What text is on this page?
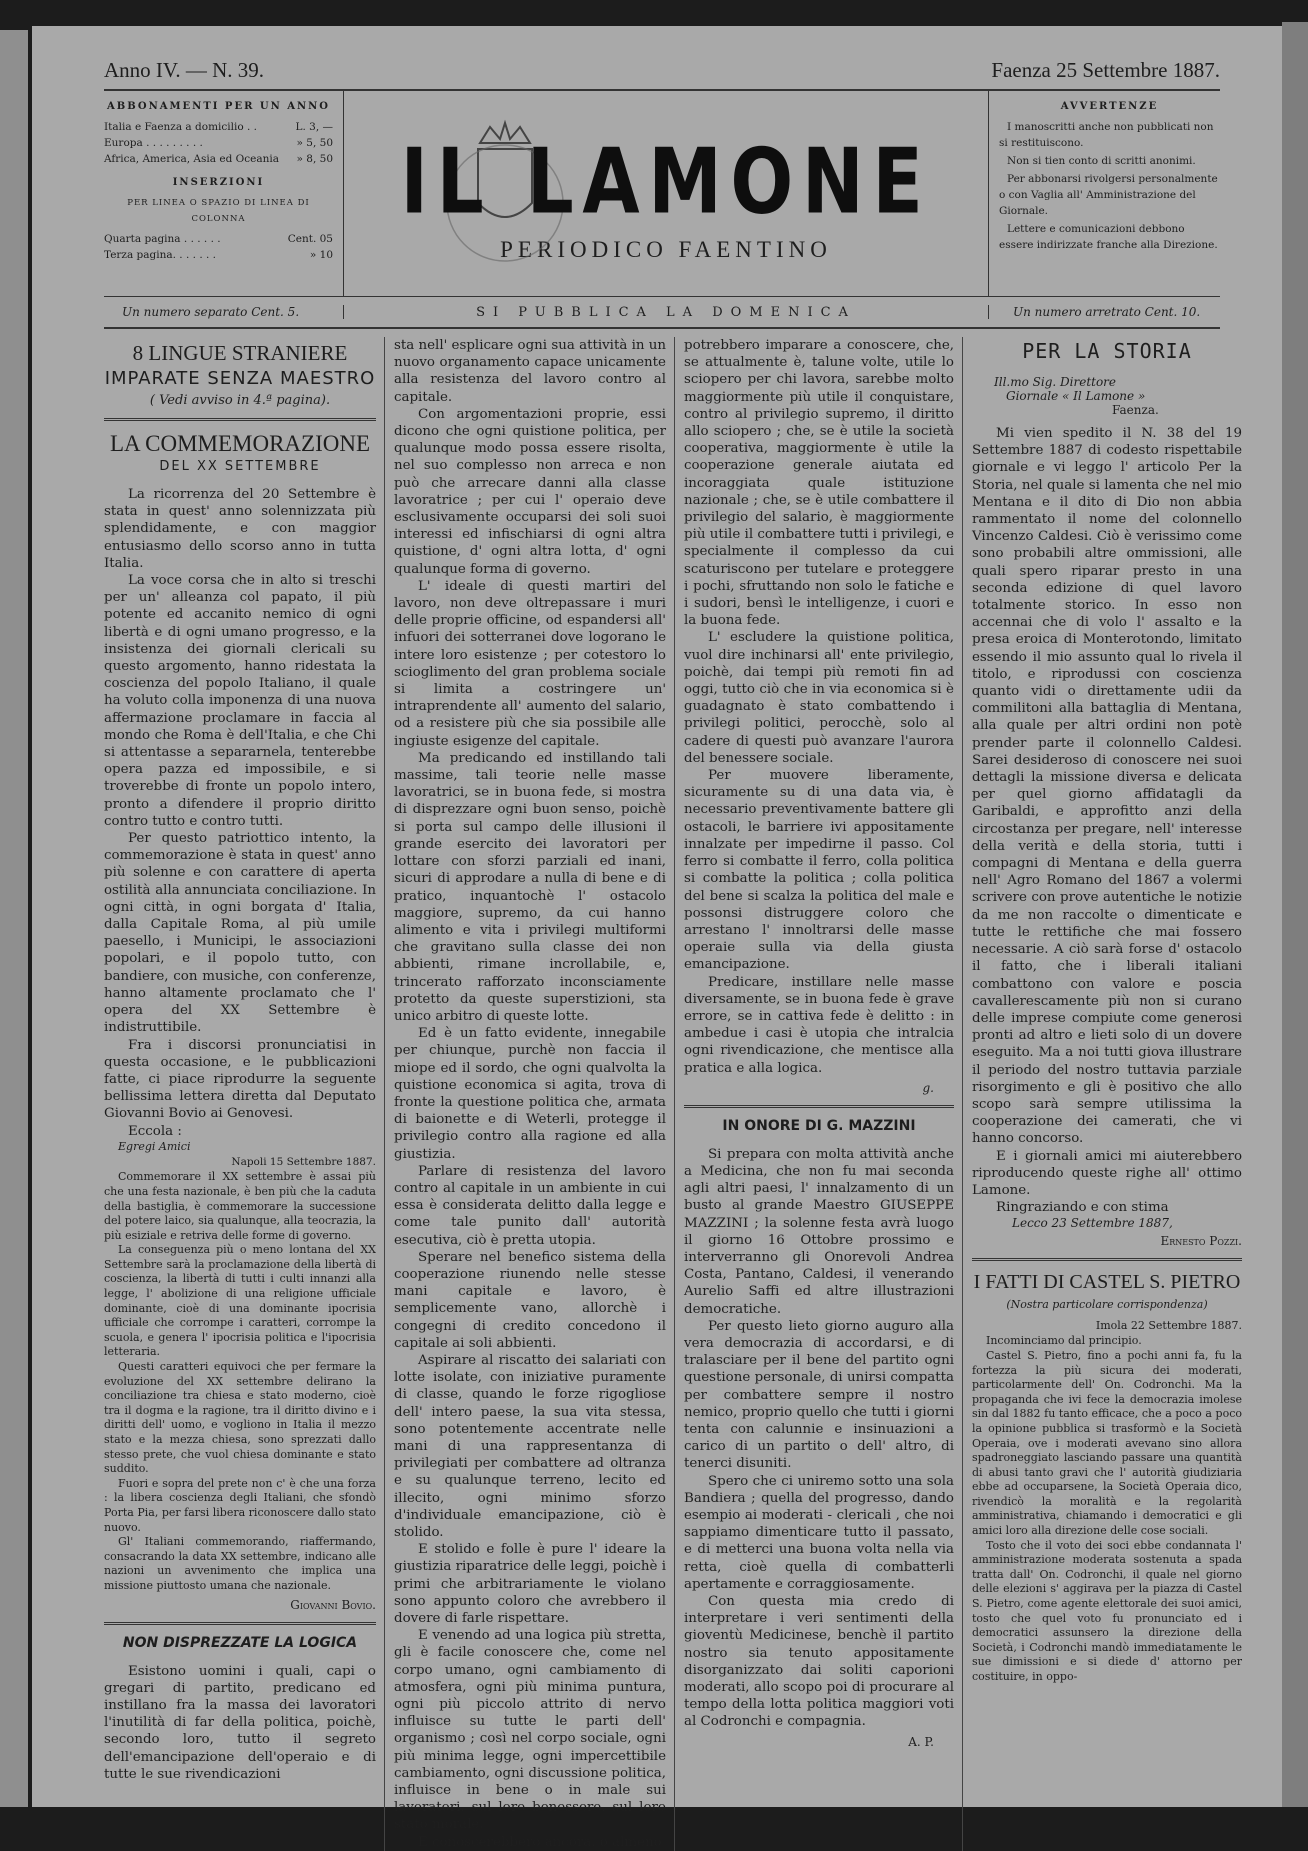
Anno IV. — N. 39.	Faenza 25 Settembre 1887.
ABBONAMENTI PER UN ANNO
Italia e Faenza a domicilio . .	L. 3, —
Europa . . . . . . . . .	» 5, 50
Africa, America, Asia ed Oceania » 8, 50
INSERZIONI
PER LINEA O SPAZIO DI LINEA DI COLONNA
Quarta pagina . . . . . .	Cent. 05
Terza pagina. . . . . . .	» 10
IL LAMONE
PERIODICO FAENTINO
AVVERTENZE

I manoscritti anche non pubblicati non si restituiscono.

Non si tien conto di scritti anonimi.

Per abbonarsi rivolgersi personalmente o con Vaglia all' Amministrazione del Giornale.

Lettere e comunicazioni debbono essere indirizzate franche alla Direzione.

Un numero separato Cent. 5.	SI PUBBLICA LA DOMENICA	Un numero arretrato Cent. 10.
8 LINGUE STRANIERE
IMPARATE SENZA MAESTRO
( Vedi avviso in 4.ª pagina).
LA COMMEMORAZIONE
DEL XX SETTEMBRE

La ricorrenza del 20 Settembre è stata in quest' anno solennizzata più splendidamente, e con maggior entusiasmo dello scorso anno in tutta Italia.

La voce corsa che in alto si treschi per un' alleanza col papato, il più potente ed accanito nemico di ogni libertà e di ogni umano progresso, e la insistenza dei giornali clericali su questo argomento, hanno ridestata la coscienza del popolo Italiano, il quale ha voluto colla imponenza di una nuova affermazione proclamare in faccia al mondo che Roma è dell'Italia, e che Chi si attentasse a separarnela, tenterebbe opera pazza ed impossibile, e si troverebbe di fronte un popolo intero, pronto a difendere il proprio diritto contro tutto e contro tutti.

Per questo patriottico intento, la commemorazione è stata in quest' anno più solenne e con carattere di aperta ostilità alla annunciata conciliazione. In ogni città, in ogni borgata d' Italia, dalla Capitale Roma, al più umile paesello, i Municipi, le associazioni popolari, e il popolo tutto, con bandiere, con musiche, con conferenze, hanno altamente proclamato che l' opera del XX Settembre è indistruttibile.

Fra i discorsi pronunciatisi in questa occasione, e le pubblicazioni fatte, ci piace riprodurre la seguente bellissima lettera diretta dal Deputato Giovanni Bovio ai Genovesi.

Eccola :

Egregi Amici

Napoli 15 Settembre 1887.

Commemorare il XX settembre è assai più che una festa nazionale, è ben più che la caduta della bastiglia, è commemorare la successione del potere laico, sia qualunque, alla teocrazia, la più esiziale e retriva delle forme di governo.

La conseguenza più o meno lontana del XX Settembre sarà la proclamazione della libertà di coscienza, la libertà di tutti i culti innanzi alla legge, l' abolizione di una religione ufficiale dominante, cioè di una dominante ipocrisia ufficiale che corrompe i caratteri, corrompe la scuola, e genera l' ipocrisia politica e l'ipocrisia letteraria.

Questi caratteri equivoci che per fermare la evoluzione del XX settembre delirano la conciliazione tra chiesa e stato moderno, cioè tra il dogma e la ragione, tra il diritto divino e i diritti dell' uomo, e vogliono in Italia il mezzo stato e la mezza chiesa, sono sprezzati dallo stesso prete, che vuol chiesa dominante e stato suddito.

Fuori e sopra del prete non c' è che una forza : la libera coscienza degli Italiani, che sfondò Porta Pia, per farsi libera riconoscere dallo stato nuovo.

Gl' Italiani commemorando, riaffermando, consacrando la data XX settembre, indicano alle nazioni un avvenimento che implica una missione piuttosto umana che nazionale.

Giovanni Bovio.
NON DISPREZZATE LA LOGICA

Esistono uomini i quali, capi o gregari di partito, predicano ed instillano fra la massa dei lavoratori l'inutilità di far della politica, poichè, secondo loro, tutto il segreto dell'emancipazione dell'operaio e di tutte le sue rivendicazioni

sta nell' esplicare ogni sua attività in un nuovo organamento capace unicamente alla resistenza del lavoro contro al capitale.

Con argomentazioni proprie, essi dicono che ogni quistione politica, per qualunque modo possa essere risolta, nel suo complesso non arreca e non può che arrecare danni alla classe lavoratrice ; per cui l' operaio deve esclusivamente occuparsi dei soli suoi interessi ed infischiarsi di ogni altra quistione, d' ogni altra lotta, d' ogni qualunque forma di governo.

L' ideale di questi martiri del lavoro, non deve oltrepassare i muri delle proprie officine, od espandersi all' infuori dei sotterranei dove logorano le intere loro esistenze ; per cotestoro lo scioglimento del gran problema sociale si limita a costringere un' intraprendente all' aumento del salario, od a resistere più che sia possibile alle ingiuste esigenze del capitale.

Ma predicando ed instillando tali massime, tali teorie nelle masse lavoratrici, se in buona fede, si mostra di disprezzare ogni buon senso, poichè si porta sul campo delle illusioni il grande esercito dei lavoratori per lottare con sforzi parziali ed inani, sicuri di approdare a nulla di bene e di pratico, inquantochè l' ostacolo maggiore, supremo, da cui hanno alimento e vita i privilegi multiformi che gravitano sulla classe dei non abbienti, rimane incrollabile, e, trincerato rafforzato inconsciamente protetto da queste superstizioni, sta unico arbitro di queste lotte.

Ed è un fatto evidente, innegabile per chiunque, purchè non faccia il miope ed il sordo, che ogni qualvolta la quistione economica si agita, trova di fronte la questione politica che, armata di baionette e di Weterli, protegge il privilegio contro alla ragione ed alla giustizia.

Parlare di resistenza del lavoro contro al capitale in un ambiente in cui essa è considerata delitto dalla legge e come tale punito dall' autorità esecutiva, ciò è pretta utopia.

Sperare nel benefico sistema della cooperazione riunendo nelle stesse mani capitale e lavoro, è semplicemente vano, allorchè i congegni di credito concedono il capitale ai soli abbienti.

Aspirare al riscatto dei salariati con lotte isolate, con iniziative puramente di classe, quando le forze rigogliose dell' intero paese, la sua vita stessa, sono potentemente accentrate nelle mani di una rappresentanza di privilegiati per combattere ad oltranza e su qualunque terreno, lecito ed illecito, ogni minimo sforzo d'individuale emancipazione, ciò è stolido.

E stolido e folle è pure l' ideare la giustizia riparatrice delle leggi, poichè i primi che arbitrariamente le violano sono appunto coloro che avrebbero il dovere di farle rispettare.

E venendo ad una logica più stretta, gli è facile conoscere che, come nel corpo umano, ogni cambiamento di atmosfera, ogni più minima puntura, ogni più piccolo attrito di nervo influisce su tutte le parti dell' organismo ; così nel corpo sociale, ogni più minima legge, ogni impercettibile cambiamento, ogni discussione politica, influisce in bene o in male sui lavoratori, sul loro benessere, sul loro stato morale.

E conoscerebbero ancora, o almeno

potrebbero imparare a conoscere, che, se attualmente è, talune volte, utile lo sciopero per chi lavora, sarebbe molto maggiormente più utile il conquistare, contro al privilegio supremo, il diritto allo sciopero ; che, se è utile la società cooperativa, maggiormente è utile la cooperazione generale aiutata ed incoraggiata quale istituzione nazionale ; che, se è utile combattere il privilegio del salario, è maggiormente più utile il combattere tutti i privilegi, e specialmente il complesso da cui scaturiscono per tutelare e proteggere i pochi, sfruttando non solo le fatiche e i sudori, bensì le intelligenze, i cuori e la buona fede.

L' escludere la quistione politica, vuol dire inchinarsi all' ente privilegio, poichè, dai tempi più remoti fin ad oggi, tutto ciò che in via economica si è guadagnato è stato combattendo i privilegi politici, perocchè, solo al cadere di questi può avanzare l'aurora del benessere sociale.

Per muovere liberamente, sicuramente su di una data via, è necessario preventivamente battere gli ostacoli, le barriere ivi appositamente innalzate per impedirne il passo. Col ferro si combatte il ferro, colla politica si combatte la politica ; colla politica del bene si scalza la politica del male e possonsi distruggere coloro che arrestano l' innoltrarsi delle masse operaie sulla via della giusta emancipazione.

Predicare, instillare nelle masse diversamente, se in buona fede è grave errore, se in cattiva fede è delitto : in ambedue i casi è utopia che intralcia ogni rivendicazione, che mentisce alla pratica e alla logica.

g.
IN ONORE DI G. MAZZINI

Si prepara con molta attività anche a Medicina, che non fu mai seconda agli altri paesi, l' innalzamento di un busto al grande Maestro GIUSEPPE MAZZINI ; la solenne festa avrà luogo il giorno 16 Ottobre prossimo e interverranno gli Onorevoli Andrea Costa, Pantano, Caldesi, il venerando Aurelio Saffi ed altre illustrazioni democratiche.

Per questo lieto giorno auguro alla vera democrazia di accordarsi, e di tralasciare per il bene del partito ogni questione personale, di unirsi compatta per combattere sempre il nostro nemico, proprio quello che tutti i giorni tenta con calunnie e insinuazioni a carico di un partito o dell' altro, di tenerci disuniti.

Spero che ci uniremo sotto una sola Bandiera ; quella del progresso, dando esempio ai moderati - clericali , che noi sappiamo dimenticare tutto il passato, e di metterci una buona volta nella via retta, cioè quella di combatterli apertamente e corraggiosamente.

Con questa mia credo di interpretare i veri sentimenti della gioventù Medicinese, benchè il partito nostro sia tenuto appositamente disorganizzato dai soliti caporioni moderati, allo scopo poi di procurare al tempo della lotta politica maggiori voti al Codronchi e compagnia.

A. P.
PER LA STORIA
Ill.mo Sig. Direttore
Giornale « Il Lamone »
Faenza.

Mi vien spedito il N. 38 del 19 Settembre 1887 di codesto rispettabile giornale e vi leggo l' articolo Per la Storia, nel quale si lamenta che nel mio Mentana e il dito di Dio non abbia rammentato il nome del colonnello Vincenzo Caldesi. Ciò è verissimo come sono probabili altre ommissioni, alle quali spero riparar presto in una seconda edizione di quel lavoro totalmente storico. In esso non accennai che di volo l' assalto e la presa eroica di Monterotondo, limitato essendo il mio assunto qual lo rivela il titolo, e riprodussi con coscienza quanto vidi o direttamente udii da commilitoni alla battaglia di Mentana, alla quale per altri ordini non potè prender parte il colonnello Caldesi. Sarei desideroso di conoscere nei suoi dettagli la missione diversa e delicata per quel giorno affidatagli da Garibaldi, e approfitto anzi della circostanza per pregare, nell' interesse della verità e della storia, tutti i compagni di Mentana e della guerra nell' Agro Romano del 1867 a volermi scrivere con prove autentiche le notizie da me non raccolte o dimenticate e tutte le rettifiche che mai fossero necessarie. A ciò sarà forse d' ostacolo il fatto, che i liberali italiani combattono con valore e poscia cavallerescamente più non si curano delle imprese compiute come generosi pronti ad altro e lieti solo di un dovere eseguito. Ma a noi tutti giova illustrare il periodo del nostro tuttavia parziale risorgimento e gli è positivo che allo scopo sarà sempre utilissima la cooperazione dei camerati, che vi hanno concorso.

E i giornali amici mi aiuterebbero riproducendo queste righe all' ottimo Lamone.

Ringraziando e con stima

Lecco 23 Settembre 1887,
Ernesto Pozzi.
I FATTI DI CASTEL S. PIETRO
(Nostra particolare corrispondenza)
Imola 22 Settembre 1887.

Incominciamo dal principio.

Castel S. Pietro, fino a pochi anni fa, fu la fortezza la più sicura dei moderati, particolarmente dell' On. Codronchi. Ma la propaganda che ivi fece la democrazia imolese sin dal 1882 fu tanto efficace, che a poco a poco la opinione pubblica si trasformò e la Società Operaia, ove i moderati avevano sino allora spadroneggiato lasciando passare una quantità di abusi tanto gravi che l' autorità giudiziaria ebbe ad occuparsene, la Società Operaia dico, rivendicò la moralità e la regolarità amministrativa, chiamando i democratici e gli amici loro alla direzione delle cose sociali.

Tosto che il voto dei soci ebbe condannata l' amministrazione moderata sostenuta a spada tratta dall' On. Codronchi, il quale nel giorno delle elezioni s' aggirava per la piazza di Castel S. Pietro, come agente elettorale dei suoi amici, tosto che quel voto fu pronunciato ed i democratici assunsero la direzione della Società, i Codronchi mandò immediatamente le sue dimissioni e si diede d' attorno per costituire, in oppo-
